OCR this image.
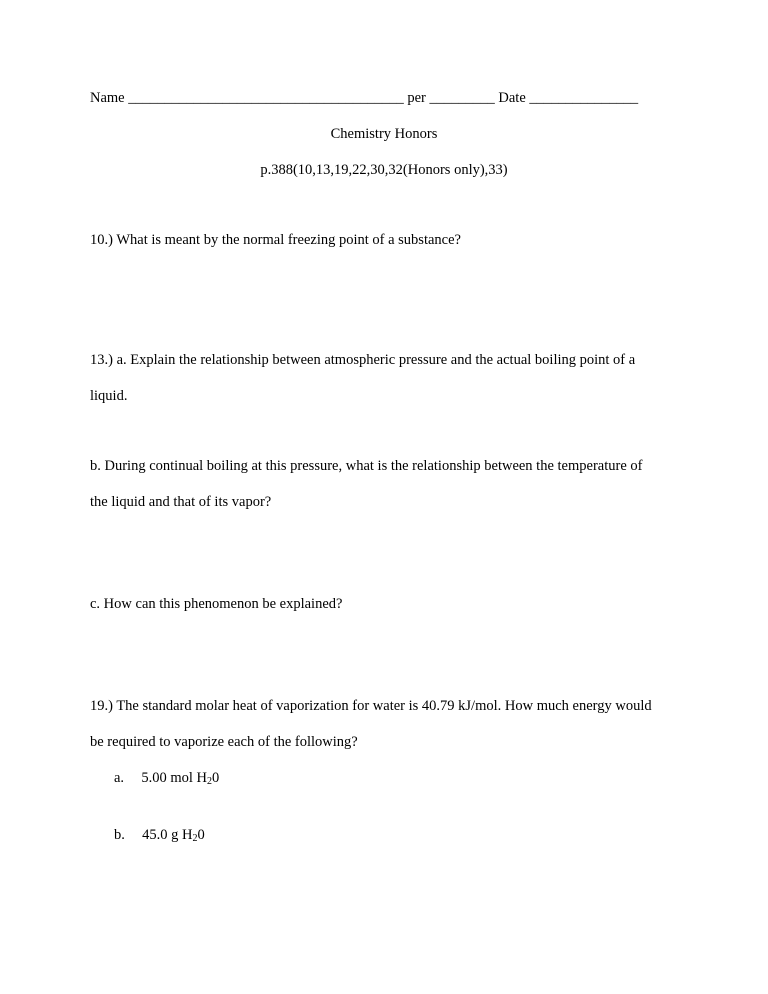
Name ______________________________________ per _________ Date _______________
Chemistry Honors
p.388(10,13,19,22,30,32(Honors only),33)
10.) What is meant by the normal freezing point of a substance?
13.) a. Explain the relationship between atmospheric pressure and the actual boiling point of a
liquid.
b. During continual boiling at this pressure, what is the relationship between the temperature of
the liquid and that of its vapor?
c. How can this phenomenon be explained?
19.) The standard molar heat of vaporization for water is 40.79 kJ/mol. How much energy would
be required to vaporize each of the following?
a. 5.00 mol $H_20$
b. 45.0 g $H_20$
